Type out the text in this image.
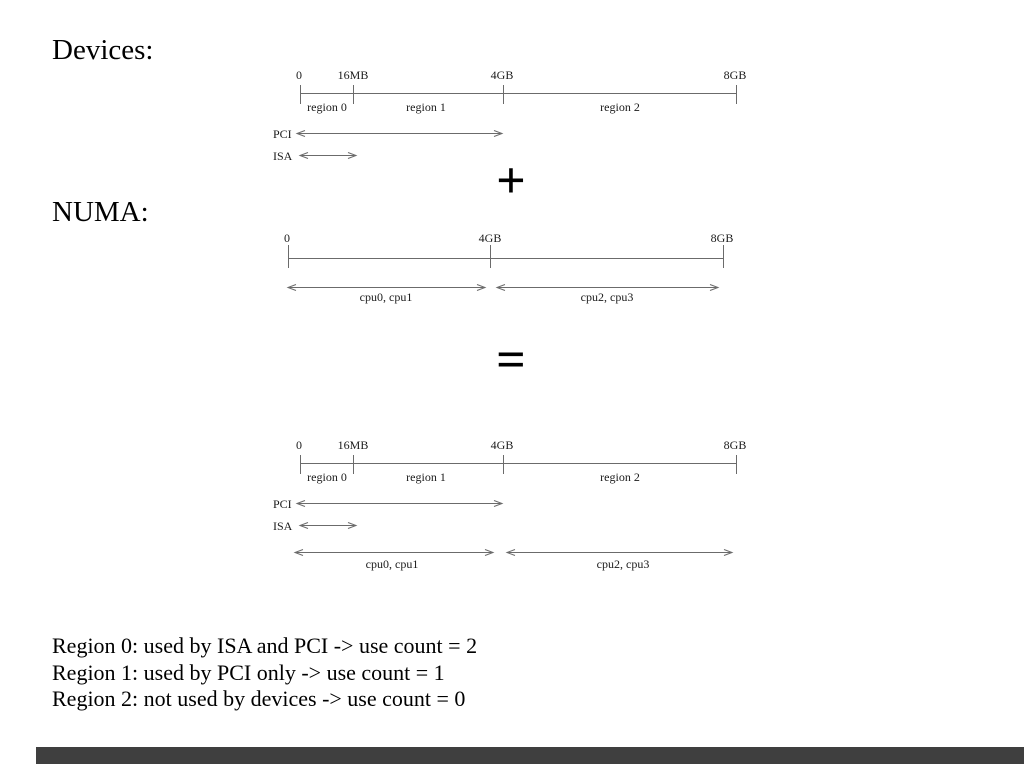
Devices:
NUMA:
+
=
0	16MB	4GB	8GB
region 0	region 1	region 2
PCI
ISA
0	4GB	8GB
cpu0, cpu1	cpu2, cpu3
0	16MB	4GB	8GB
region 0	region 1	region 2
PCI
ISA
cpu0, cpu1	cpu2, cpu3
Region 0: used by ISA and PCI -> use count = 2
Region 1: used by PCI only -> use count = 1
Region 2: not used by devices -> use count = 0
